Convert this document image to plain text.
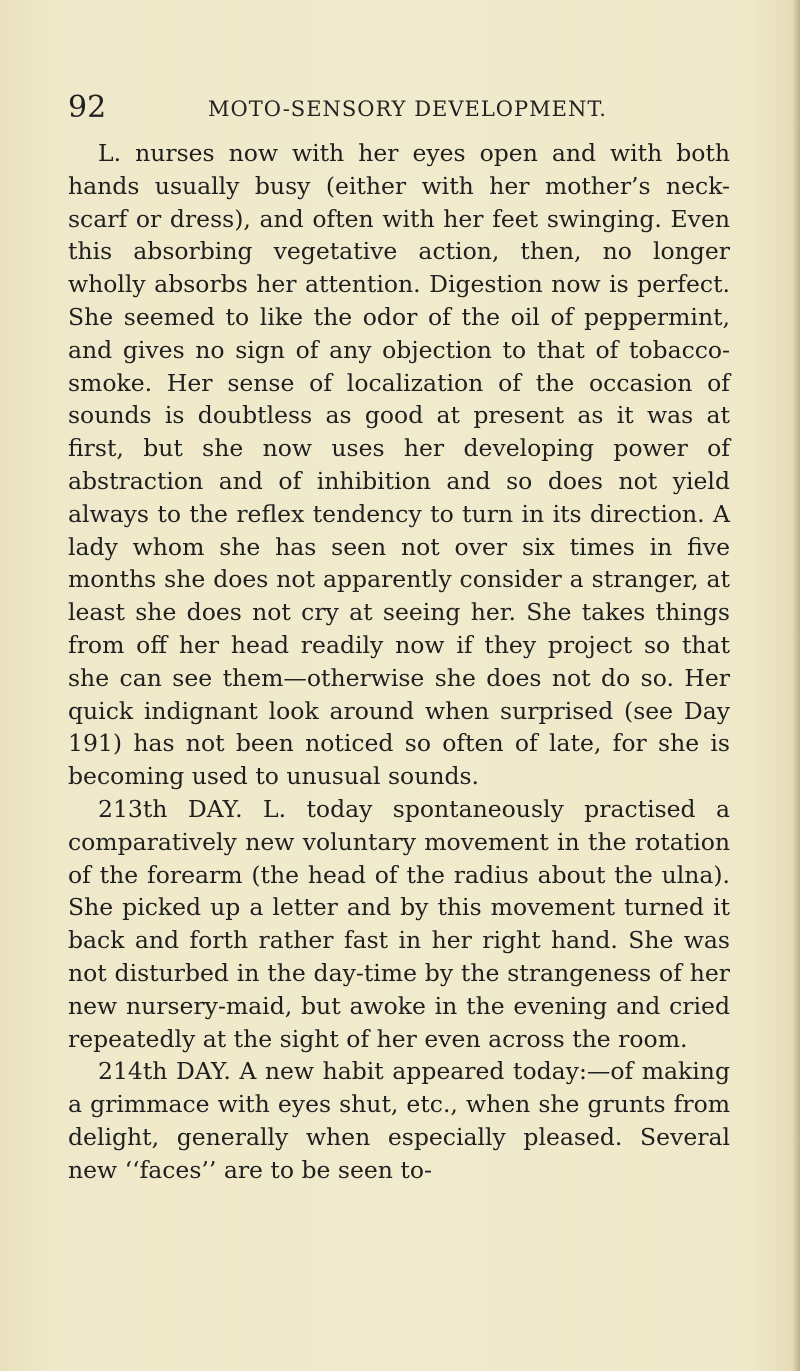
92	MOTO-SENSORY DEVELOPMENT.

L. nurses now with her eyes open and with both hands usually busy (either with her mother’s neck-scarf or dress), and often with her feet swinging. Even this absorbing vegetative action, then, no longer wholly absorbs her attention. Digestion now is perfect. She seemed to like the odor of the oil of peppermint, and gives no sign of any objection to that of tobacco-smoke. Her sense of localization of the occasion of sounds is doubtless as good at present as it was at first, but she now uses her developing power of abstraction and of inhibition and so does not yield always to the reflex tendency to turn in its direction. A lady whom she has seen not over six times in five months she does not apparently consider a stranger, at least she does not cry at seeing her. She takes things from off her head readily now if they project so that she can see them—otherwise she does not do so. Her quick indignant look around when surprised (see Day 191) has not been noticed so often of late, for she is becoming used to unusual sounds.

213th DAY. L. today spontaneously practised a comparatively new voluntary movement in the rotation of the forearm (the head of the radius about the ulna). She picked up a letter and by this movement turned it back and forth rather fast in her right hand. She was not disturbed in the day-time by the strangeness of her new nursery-maid, but awoke in the evening and cried repeatedly at the sight of her even across the room.

214th DAY. A new habit appeared today:—of making a grimmace with eyes shut, etc., when she grunts from delight, generally when especially pleased. Several new ‘‘faces’’ are to be seen to-
